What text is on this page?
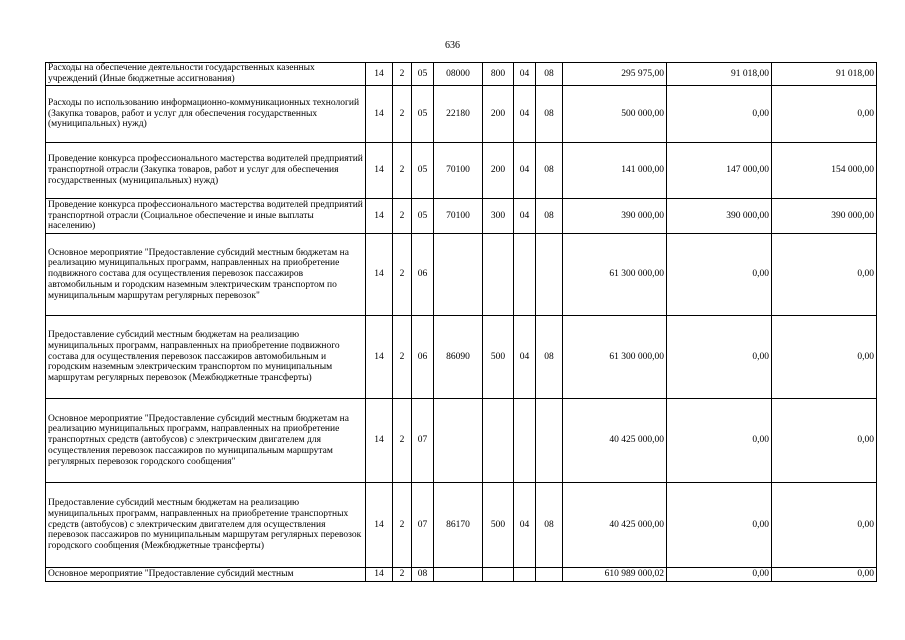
636
Расходы на обеспечение деятельности государственных казенных учреждений (Иные бюджетные ассигнования)	14	2	05	08000	800	04	08	295 975,00	91 018,00	91 018,00
Расходы по использованию информационно-коммуникационных технологий (Закупка товаров, работ и услуг для обеспечения государственных (муниципальных) нужд)	14	2	05	22180	200	04	08	500 000,00	0,00	0,00
Проведение конкурса профессионального мастерства водителей предприятий транспортной отрасли (Закупка товаров, работ и услуг для обеспечения государственных (муниципальных) нужд)	14	2	05	70100	200	04	08	141 000,00	147 000,00	154 000,00
Проведение конкурса профессионального мастерства водителей предприятий транспортной отрасли (Социальное обеспечение и иные выплаты населению)	14	2	05	70100	300	04	08	390 000,00	390 000,00	390 000,00
Основное мероприятие "Предоставление субсидий местным бюджетам на реализацию муниципальных программ, направленных на приобретение подвижного состава для осуществления перевозок пассажиров автомобильным и городским наземным электрическим транспортом по муниципальным маршрутам регулярных перевозок"	14	2	06					61 300 000,00	0,00	0,00
Предоставление субсидий местным бюджетам на реализацию муниципальных программ, направленных на приобретение подвижного состава для осуществления перевозок пассажиров автомобильным и городским наземным электрическим транспортом по муниципальным маршрутам регулярных перевозок (Межбюджетные трансферты)	14	2	06	86090	500	04	08	61 300 000,00	0,00	0,00
Основное мероприятие "Предоставление субсидий местным бюджетам на реализацию муниципальных программ, направленных на приобретение транспортных средств (автобусов) с электрическим двигателем для осуществления перевозок пассажиров по муниципальным маршрутам регулярных перевозок городского сообщения"	14	2	07					40 425 000,00	0,00	0,00
Предоставление субсидий местным бюджетам на реализацию муниципальных программ, направленных на приобретение транспортных средств (автобусов) с электрическим двигателем для осуществления перевозок пассажиров по муниципальным маршрутам регулярных перевозок городского сообщения (Межбюджетные трансферты)	14	2	07	86170	500	04	08	40 425 000,00	0,00	0,00
Основное мероприятие "Предоставление субсидий местным	14	2	08					610 989 000,02	0,00	0,00
